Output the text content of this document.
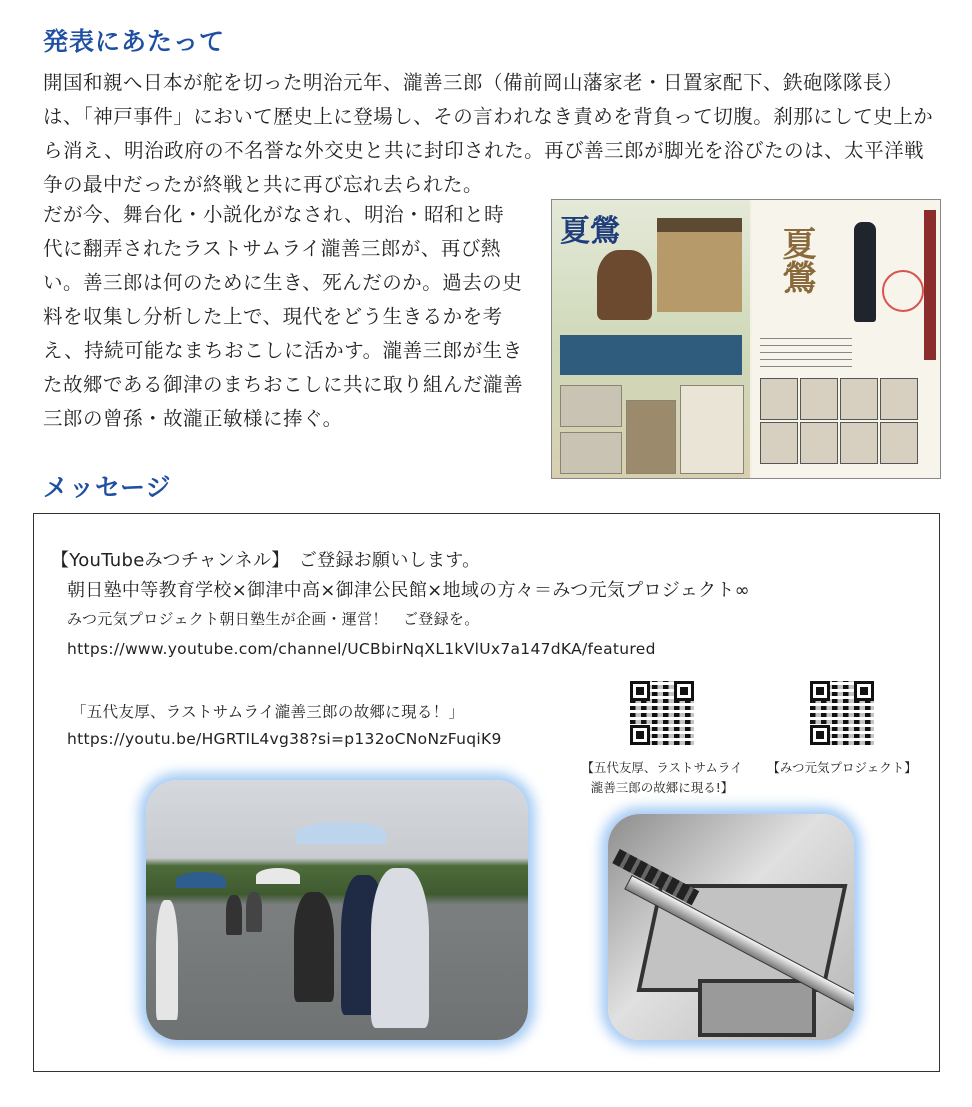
発表にあたって

開国和親へ日本が舵を切った明治元年、瀧善三郎（備前岡山藩家老・日置家配下、鉄砲隊隊長）は、「神戸事件」において歴史上に登場し、その言われなき責めを背負って切腹。刹那にして史上から消え、明治政府の不名誉な外交史と共に封印された。再び善三郎が脚光を浴びたのは、太平洋戦争の最中だったが終戦と共に再び忘れ去られた。

だが今、舞台化・小説化がなされ、明治・昭和と時代に翻弄されたラストサムライ瀧善三郎が、再び熱い。善三郎は何のために生き、死んだのか。過去の史料を収集し分析した上で、現代をどう生きるかを考え、持続可能なまちおこしに活かす。瀧善三郎が生きた故郷である御津のまちおこしに共に取り組んだ瀧善三郎の曾孫・故瀧正敏様に捧ぐ。

夏鶯	夏鶯
メッセージ

【YouTubeみつチャンネル】　ご登録お願いします。

朝日塾中等教育学校×御津中高×御津公民館×地域の方々＝みつ元気プロジェクト∞

みつ元気プロジェクト朝日塾生が企画・運営！　ご登録を。

https://www.youtube.com/channel/UCBbirNqXL1kVlUx7a147dKA/featured

「五代友厚、ラストサムライ瀧善三郎の故郷に現る！」

https://youtu.be/HGRTIL4vg38?si=p132oCNoNzFuqiK9

【五代友厚、ラストサムライ
瀧善三郎の故郷に現る!】

【みつ元気プロジェクト】
